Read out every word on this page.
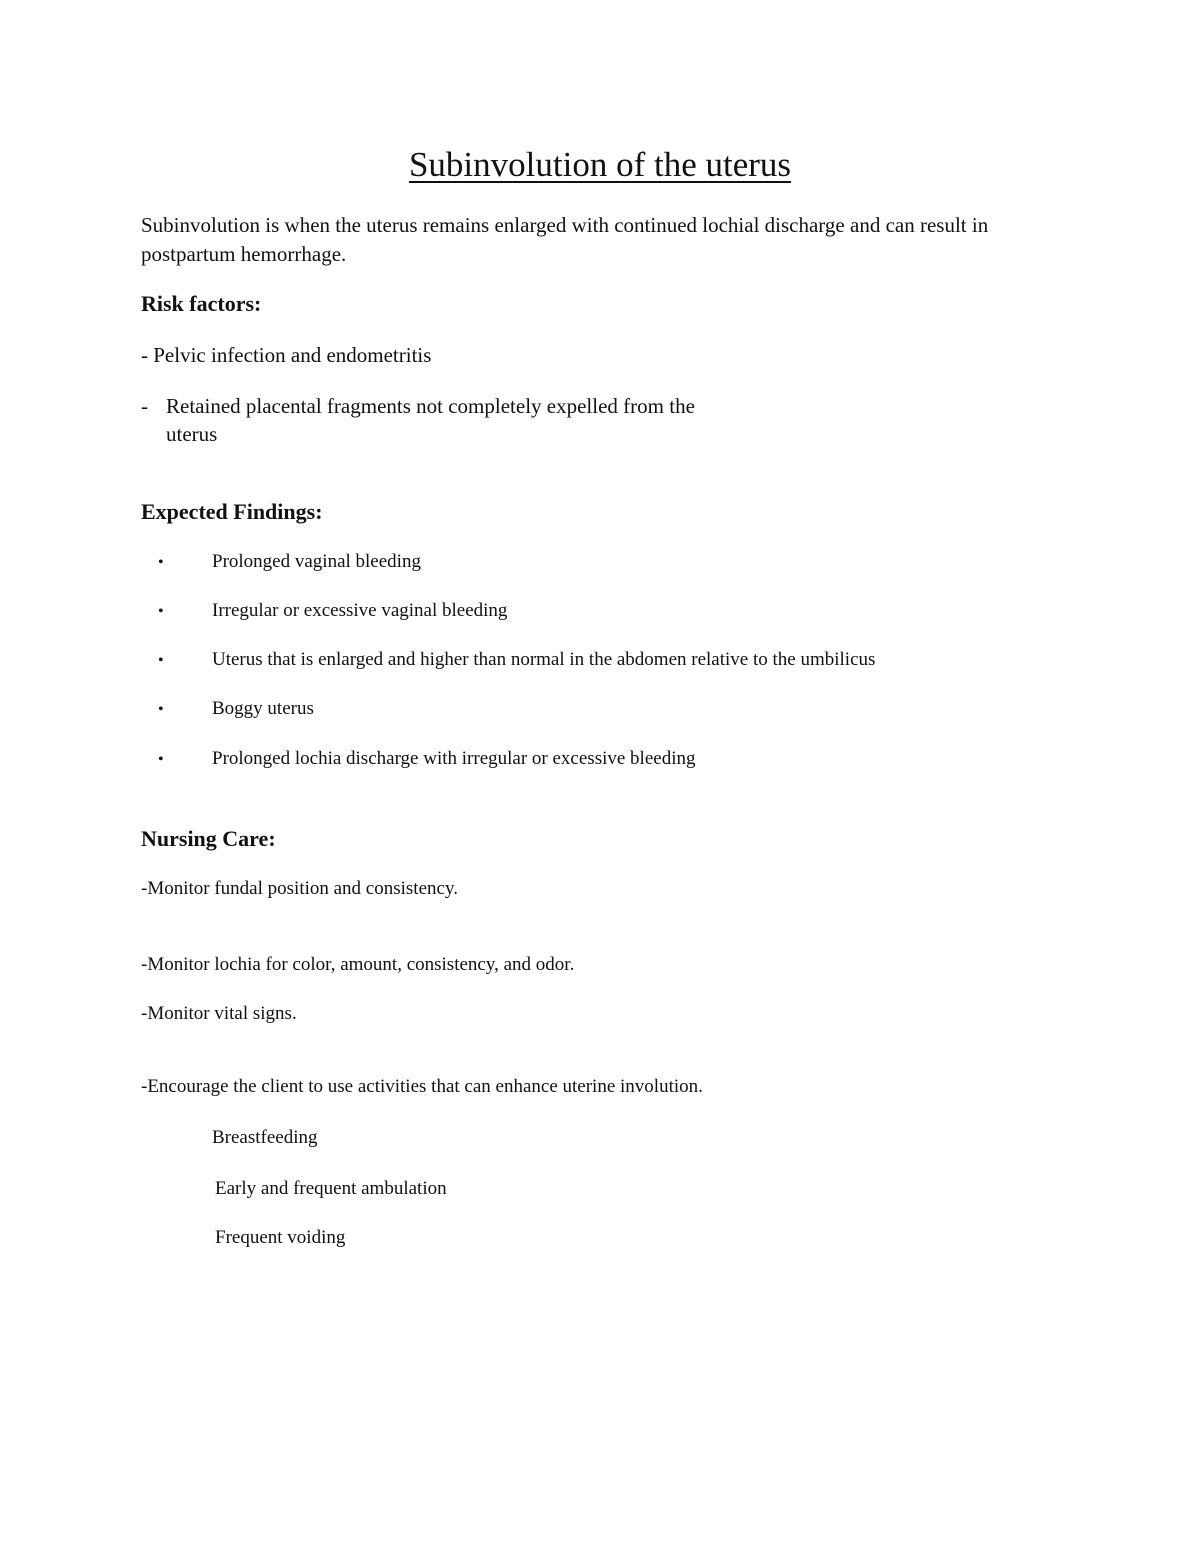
Subinvolution of the uterus

Subinvolution is when the uterus remains enlarged with continued lochial discharge and can result in postpartum hemorrhage.

Risk factors:

- Pelvic infection and endometritis

- Retained placental fragments not completely expelled from the uterus

Expected Findings:
•	Prolonged vaginal bleeding
•	Irregular or excessive vaginal bleeding
•	Uterus that is enlarged and higher than normal in the abdomen relative to the umbilicus
•	Boggy uterus
•	Prolonged lochia discharge with irregular or excessive bleeding
Nursing Care:

-Monitor fundal position and consistency.

-Monitor lochia for color, amount, consistency, and odor.

-Monitor vital signs.

-Encourage the client to use activities that can enhance uterine involution.

Breastfeeding

Early and frequent ambulation

Frequent voiding
